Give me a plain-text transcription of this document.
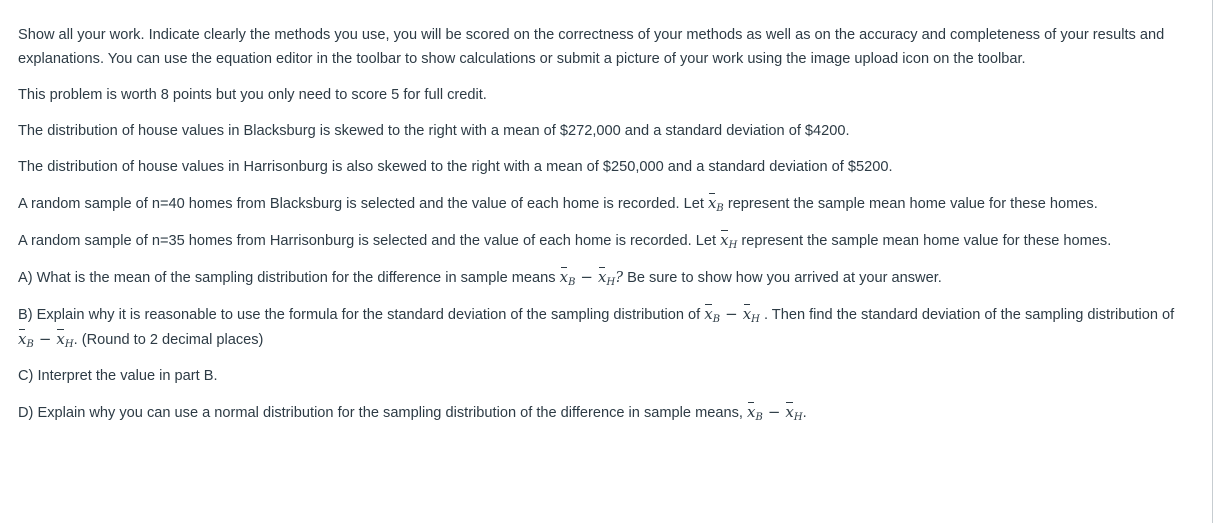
Show all your work. Indicate clearly the methods you use, you will be scored on the correctness of your methods as well as on the accuracy and completeness of your results and explanations. You can use the equation editor in the toolbar to show calculations or submit a picture of your work using the image upload icon on the toolbar.

This problem is worth 8 points but you only need to score 5 for full credit.

The distribution of house values in Blacksburg is skewed to the right with a mean of $272,000 and a standard deviation of $4200.

The distribution of house values in Harrisonburg is also skewed to the right with a mean of $250,000 and a standard deviation of $5200.

A random sample of n=40 homes from Blacksburg is selected and the value of each home is recorded. Let $x_B$ represent the sample mean home value for these homes.

A random sample of n=35 homes from Harrisonburg is selected and the value of each home is recorded. Let $x_H$ represent the sample mean home value for these homes.

A) What is the mean of the sampling distribution for the difference in sample means $x_B - x_H$? Be sure to show how you arrived at your answer.

B) Explain why it is reasonable to use the formula for the standard deviation of the sampling distribution of $x_B - x_H$ . Then find the standard deviation of the sampling distribution of $x_B - x_H$. (Round to 2 decimal places)

C) Interpret the value in part B.

D) Explain why you can use a normal distribution for the sampling distribution of the difference in sample means, $x_B - x_H$.
